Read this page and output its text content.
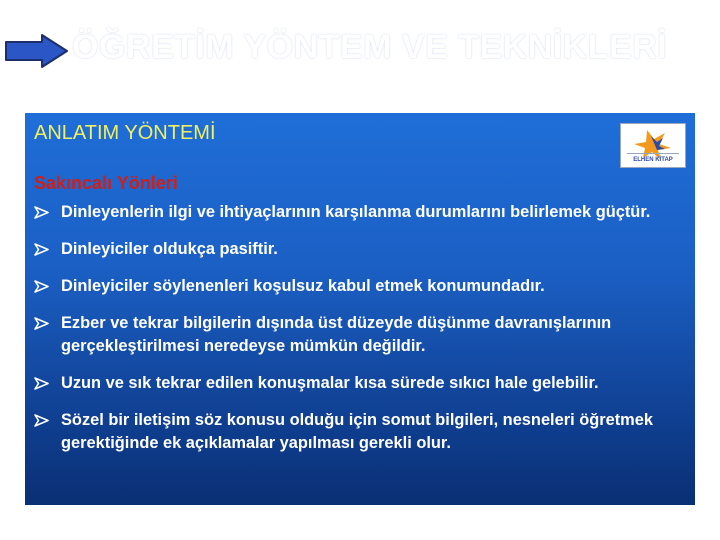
ÖĞRETİM YÖNTEM VE TEKNİKLERİ
ANLATIM YÖNTEMİ
ELHEN KİTAP
Sakıncalı Yönleri
Dinleyenlerin ilgi ve ihtiyaçlarının karşılanma durumlarını belirlemek güçtür.
Dinleyiciler oldukça pasiftir.
Dinleyiciler söylenenleri koşulsuz kabul etmek konumundadır.
Ezber ve tekrar bilgilerin dışında üst düzeyde düşünme davranışlarının gerçekleştirilmesi neredeyse mümkün değildir.
Uzun ve sık tekrar edilen konuşmalar kısa sürede sıkıcı hale gelebilir.
Sözel bir iletişim söz konusu olduğu için somut bilgileri, nesneleri öğretmek gerektiğinde ek açıklamalar yapılması gerekli olur.
